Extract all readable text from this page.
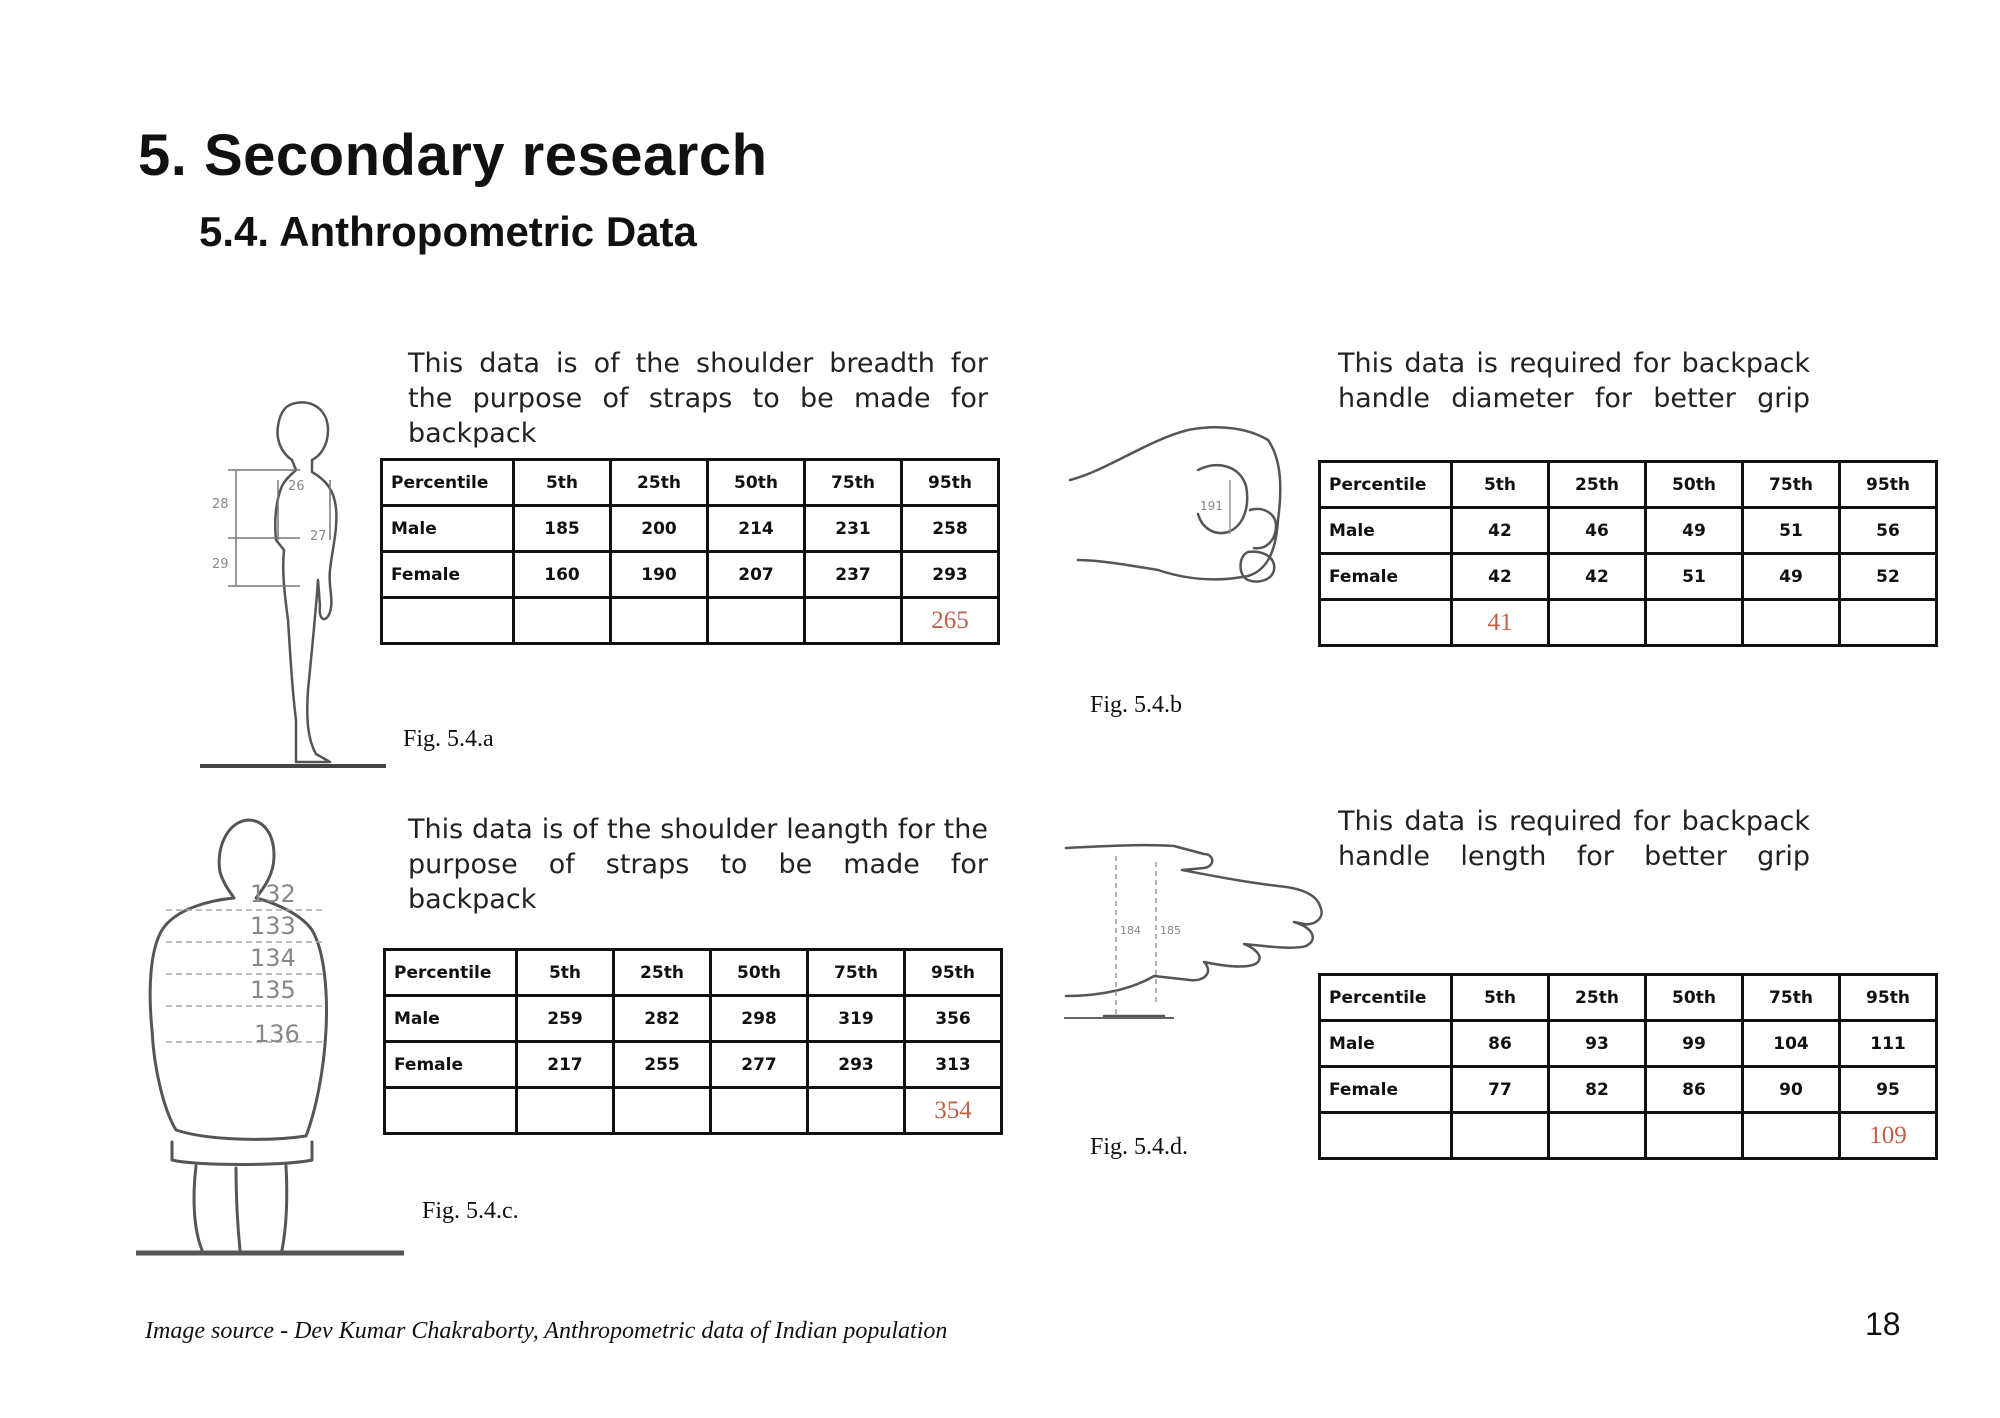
5. Secondary research
5.4. Anthropometric Data
28
29
26
27
This data is of the shoulder breadth for the purpose of straps to be made for backpack
Percentile	5th	25th	50th	75th	95th
Male	185	200	214	231	258
Female	160	190	207	237	293
					265
Fig. 5.4.a
191
This data is required for backpack handle diameter for better grip
Percentile	5th	25th	50th	75th	95th
Male	42	46	49	51	56
Female	42	42	51	49	52
	41				
Fig. 5.4.b
132
133
134
135
136
This data is of the shoulder leangth for the purpose of straps to be made for backpack
Percentile	5th	25th	50th	75th	95th
Male	259	282	298	319	356
Female	217	255	277	293	313
					354
Fig. 5.4.c.
184 185
This data is required for backpack handle length for better grip
Percentile	5th	25th	50th	75th	95th
Male	86	93	99	104	111
Female	77	82	86	90	95
					109
Fig. 5.4.d.
Image source - Dev Kumar Chakraborty, Anthropometric data of Indian population	18
